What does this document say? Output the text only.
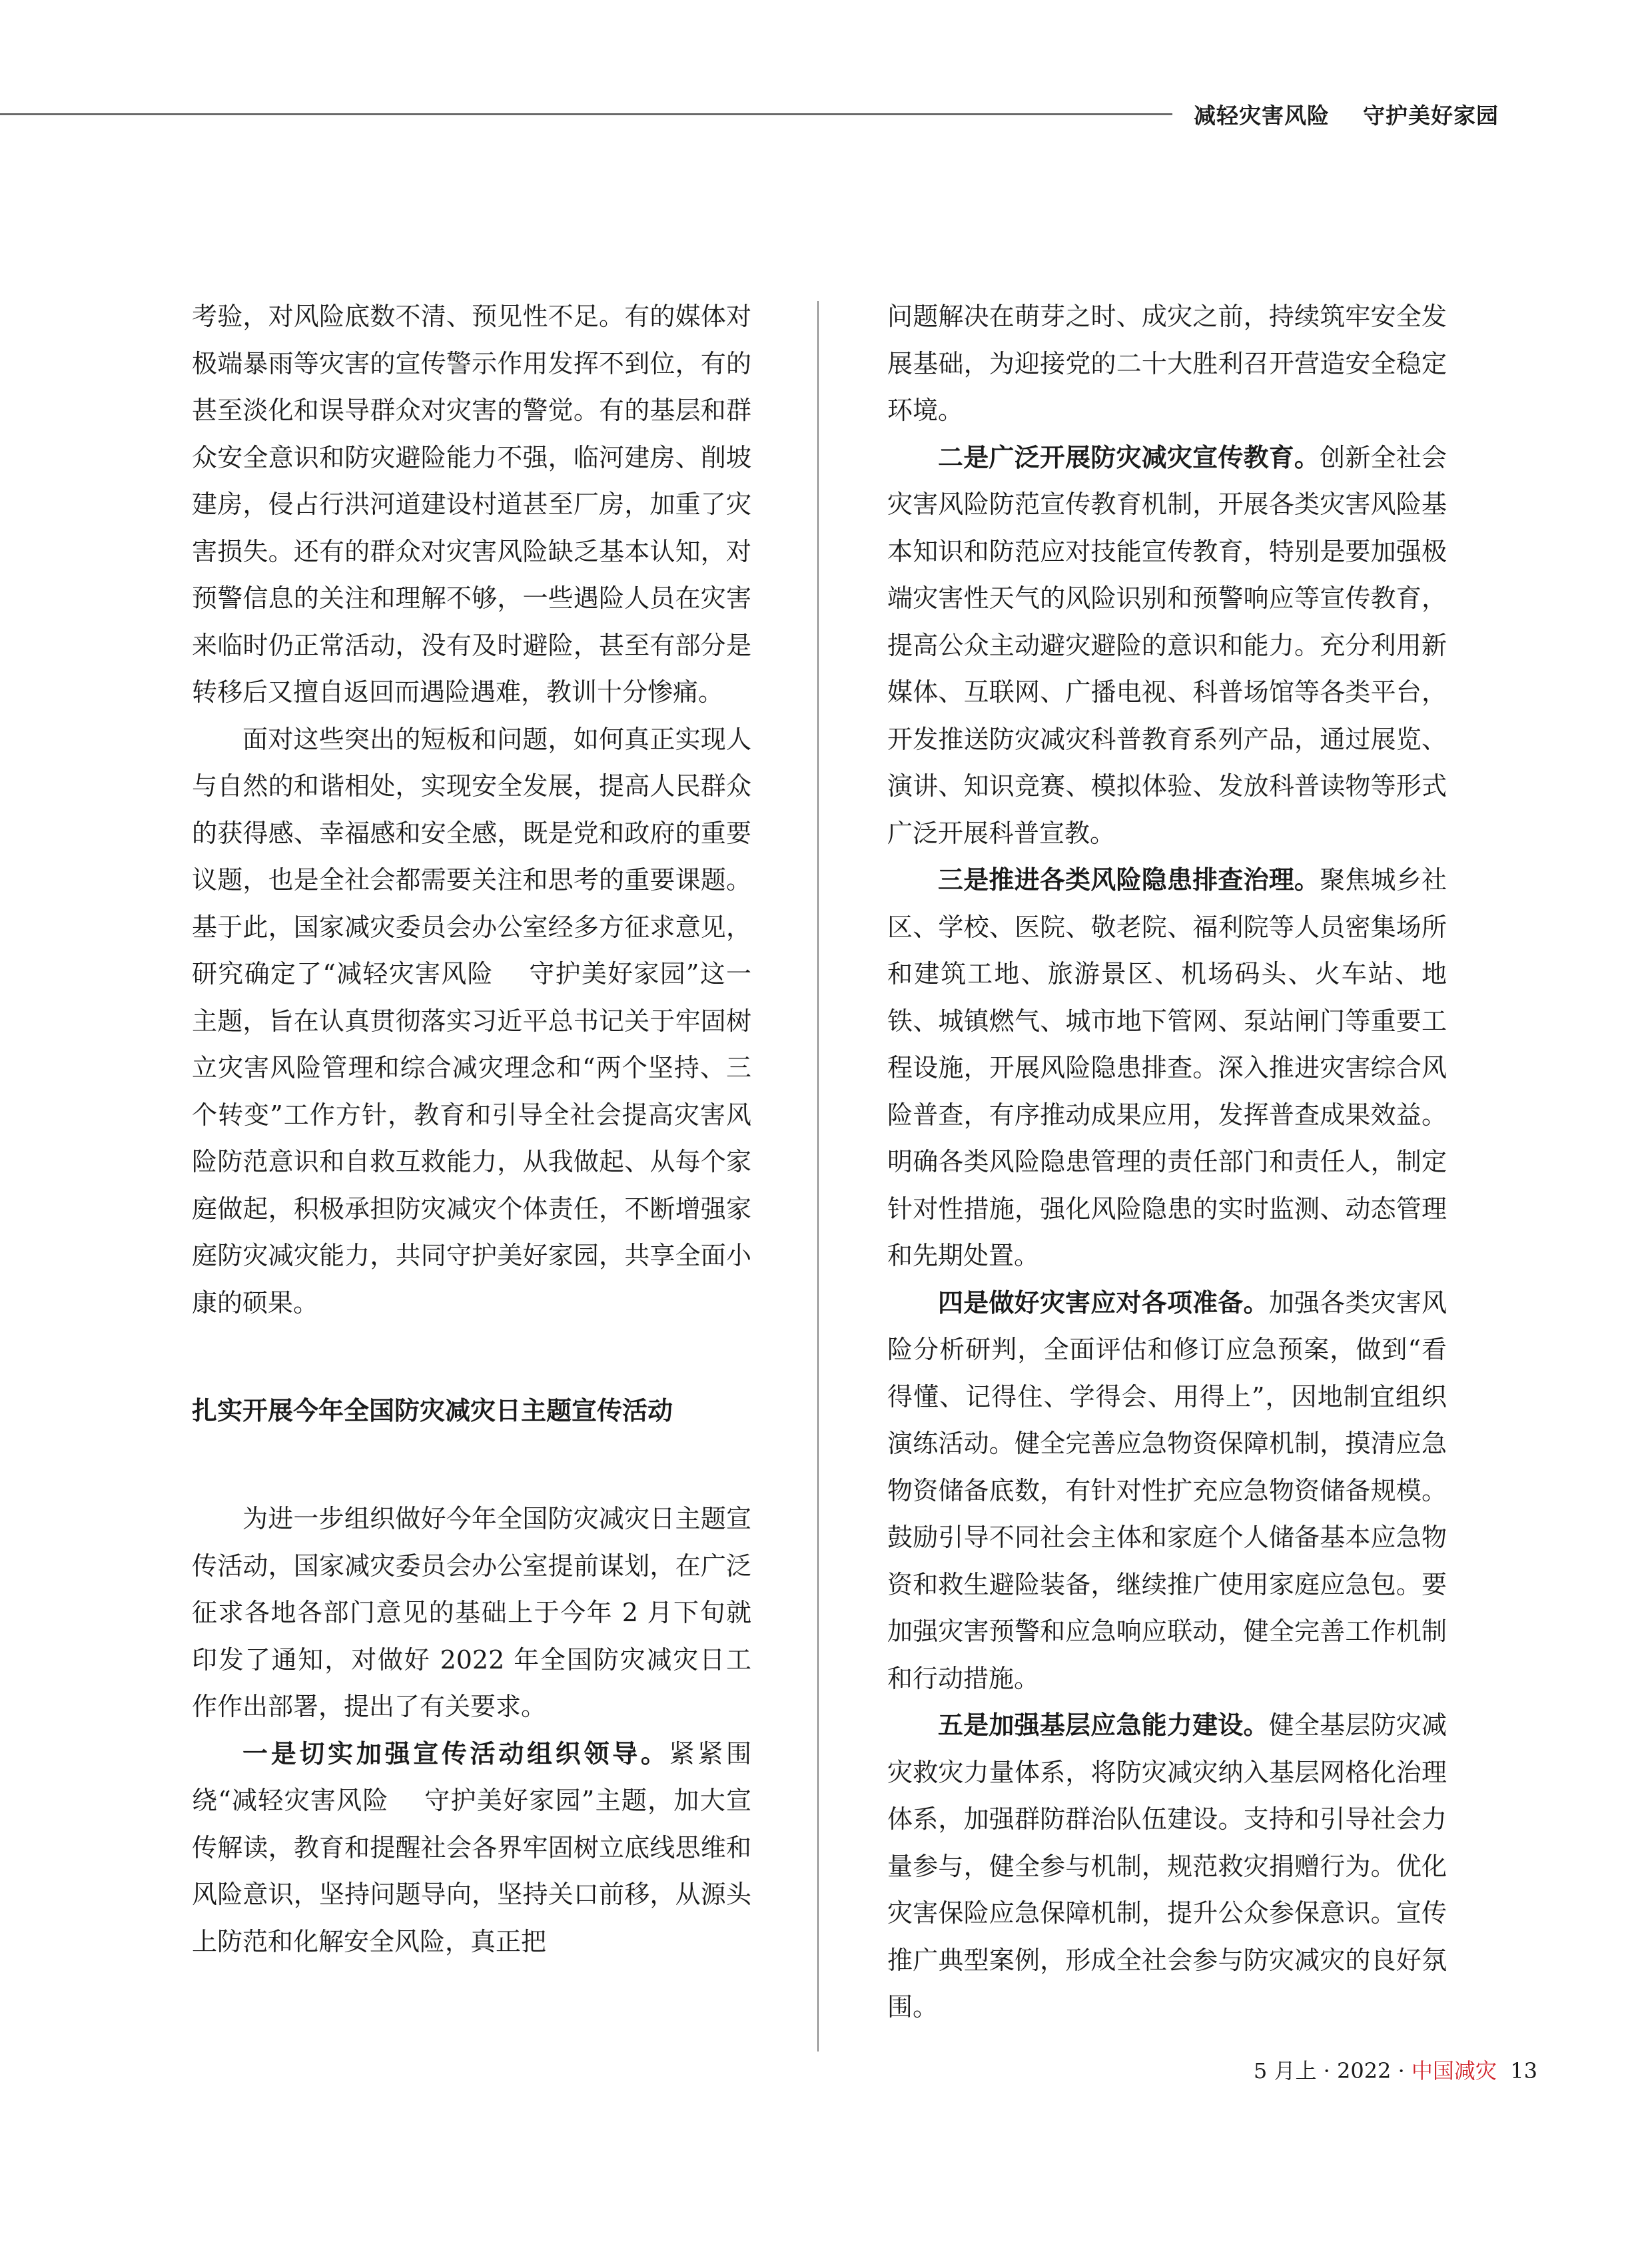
减轻灾害风险    守护美好家园

考验，对风险底数不清、预见性不足。有的媒体对极端暴雨等灾害的宣传警示作用发挥不到位，有的甚至淡化和误导群众对灾害的警觉。有的基层和群众安全意识和防灾避险能力不强，临河建房、削坡建房，侵占行洪河道建设村道甚至厂房，加重了灾害损失。还有的群众对灾害风险缺乏基本认知，对预警信息的关注和理解不够，一些遇险人员在灾害来临时仍正常活动，没有及时避险，甚至有部分是转移后又擅自返回而遇险遇难，教训十分惨痛。

面对这些突出的短板和问题，如何真正实现人与自然的和谐相处，实现安全发展，提高人民群众的获得感、幸福感和安全感，既是党和政府的重要议题，也是全社会都需要关注和思考的重要课题。基于此，国家减灾委员会办公室经多方征求意见，研究确定了“减轻灾害风险    守护美好家园”这一主题，旨在认真贯彻落实习近平总书记关于牢固树立灾害风险管理和综合减灾理念和“两个坚持、三个转变”工作方针，教育和引导全社会提高灾害风险防范意识和自救互救能力，从我做起、从每个家庭做起，积极承担防灾减灾个体责任，不断增强家庭防灾减灾能力，共同守护美好家园，共享全面小康的硕果。

扎实开展今年全国防灾减灾日主题宣传活动

为进一步组织做好今年全国防灾减灾日主题宣传活动，国家减灾委员会办公室提前谋划，在广泛征求各地各部门意见的基础上于今年 2 月下旬就印发了通知，对做好 2022 年全国防灾减灾日工作作出部署，提出了有关要求。

一是切实加强宣传活动组织领导。紧紧围绕“减轻灾害风险    守护美好家园”主题，加大宣传解读，教育和提醒社会各界牢固树立底线思维和风险意识，坚持问题导向，坚持关口前移，从源头上防范和化解安全风险，真正把

问题解决在萌芽之时、成灾之前，持续筑牢安全发展基础，为迎接党的二十大胜利召开营造安全稳定环境。

二是广泛开展防灾减灾宣传教育。创新全社会灾害风险防范宣传教育机制，开展各类灾害风险基本知识和防范应对技能宣传教育，特别是要加强极端灾害性天气的风险识别和预警响应等宣传教育，提高公众主动避灾避险的意识和能力。充分利用新媒体、互联网、广播电视、科普场馆等各类平台，开发推送防灾减灾科普教育系列产品，通过展览、演讲、知识竞赛、模拟体验、发放科普读物等形式广泛开展科普宣教。

三是推进各类风险隐患排查治理。聚焦城乡社区、学校、医院、敬老院、福利院等人员密集场所和建筑工地、旅游景区、机场码头、火车站、地铁、城镇燃气、城市地下管网、泵站闸门等重要工程设施，开展风险隐患排查。深入推进灾害综合风险普查，有序推动成果应用，发挥普查成果效益。明确各类风险隐患管理的责任部门和责任人，制定针对性措施，强化风险隐患的实时监测、动态管理和先期处置。

四是做好灾害应对各项准备。加强各类灾害风险分析研判，全面评估和修订应急预案，做到“看得懂、记得住、学得会、用得上”，因地制宜组织演练活动。健全完善应急物资保障机制，摸清应急物资储备底数，有针对性扩充应急物资储备规模。鼓励引导不同社会主体和家庭个人储备基本应急物资和救生避险装备，继续推广使用家庭应急包。要加强灾害预警和应急响应联动，健全完善工作机制和行动措施。

五是加强基层应急能力建设。健全基层防灾减灾救灾力量体系，将防灾减灾纳入基层网格化治理体系，加强群防群治队伍建设。支持和引导社会力量参与，健全参与机制，规范救灾捐赠行为。优化灾害保险应急保障机制，提升公众参保意识。宣传推广典型案例，形成全社会参与防灾减灾的良好氛围。

5 月上 · 2022 · 中国减灾 13
